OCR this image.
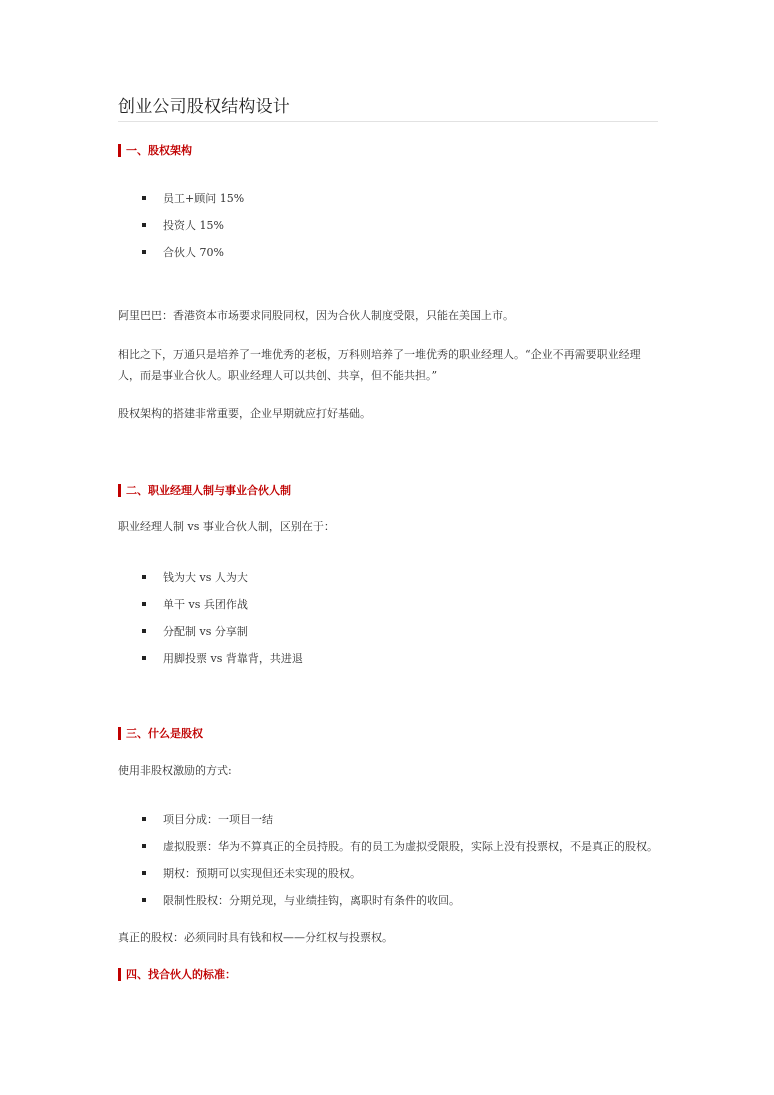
创业公司股权结构设计
一、股权架构
员工+顾问 15%
投资人 15%
合伙人 70%

阿里巴巴：香港资本市场要求同股同权，因为合伙人制度受限，只能在美国上市。

相比之下，万通只是培养了一堆优秀的老板，万科则培养了一堆优秀的职业经理人。“企业不再需要职业经理人，而是事业合伙人。职业经理人可以共创、共享，但不能共担。”

股权架构的搭建非常重要，企业早期就应打好基础。

二、职业经理人制与事业合伙人制

职业经理人制 vs 事业合伙人制，区别在于：

钱为大 vs 人为大
单干 vs 兵团作战
分配制 vs 分享制
用脚投票 vs 背靠背，共进退
三、什么是股权

使用非股权激励的方式:

项目分成：一项目一结
虚拟股票：华为不算真正的全员持股。有的员工为虚拟受限股，实际上没有投票权，不是真正的股权。
期权：预期可以实现但还未实现的股权。
限制性股权：分期兑现，与业绩挂钩，离职时有条件的收回。

真正的股权：必须同时具有钱和权——分红权与投票权。

四、找合伙人的标准：
